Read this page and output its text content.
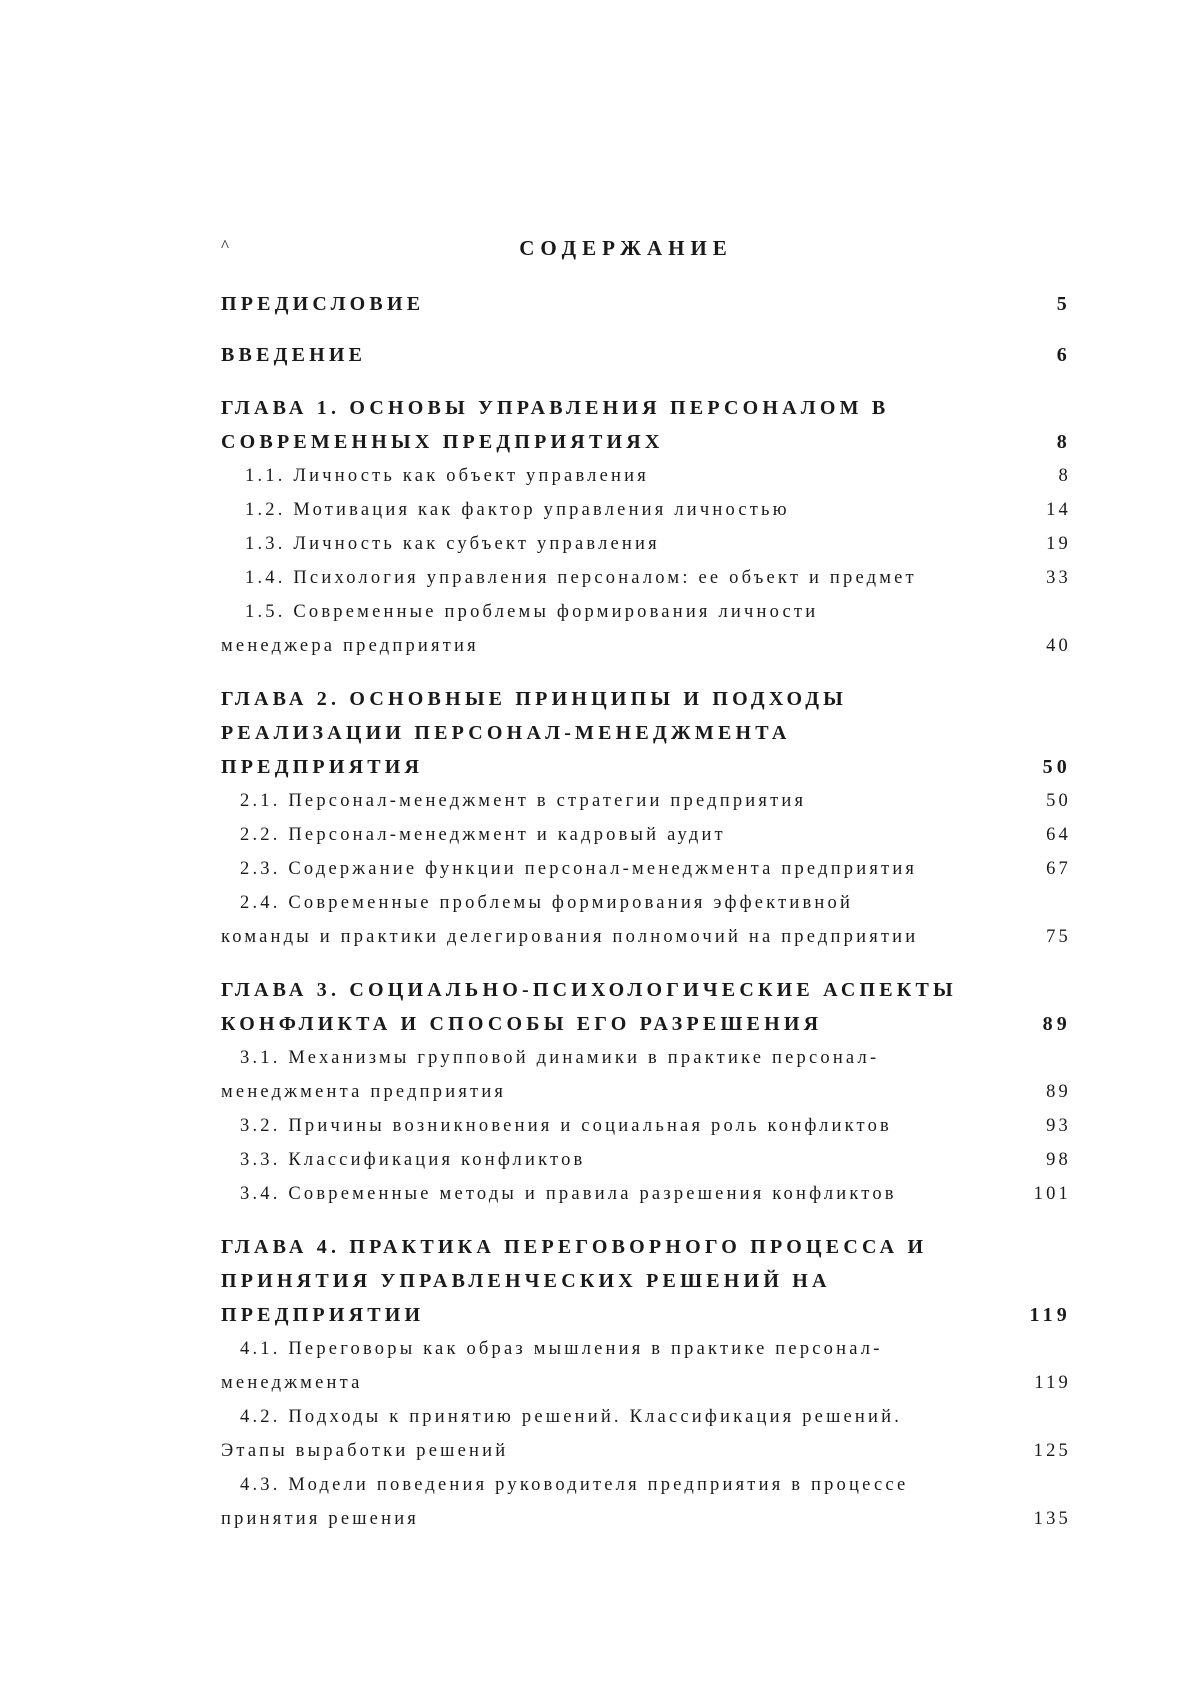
^	СОДЕРЖАНИЕ
ПРЕДИСЛОВИЕ	5
ВВЕДЕНИЕ	6
ГЛАВА 1. ОСНОВЫ УПРАВЛЕНИЯ ПЕРСОНАЛОМ В
СОВРЕМЕННЫХ ПРЕДПРИЯТИЯХ	8
1.1. Личность как объект управления	8
1.2. Мотивация как фактор управления личностью	14
1.3. Личность как субъект управления	19
1.4. Психология управления персоналом: ее объект и предмет	33
1.5. Современные проблемы формирования личности
менеджера предприятия	40
ГЛАВА 2. ОСНОВНЫЕ ПРИНЦИПЫ И ПОДХОДЫ
РЕАЛИЗАЦИИ ПЕРСОНАЛ-МЕНЕДЖМЕНТА
ПРЕДПРИЯТИЯ	50
2.1. Персонал-менеджмент в стратегии предприятия	50
2.2. Персонал-менеджмент и кадровый аудит	64
2.3. Содержание функции персонал-менеджмента предприятия	67
2.4. Современные проблемы формирования эффективной
команды и практики делегирования полномочий на предприятии	75
ГЛАВА 3. СОЦИАЛЬНО-ПСИХОЛОГИЧЕСКИЕ АСПЕКТЫ
КОНФЛИКТА И СПОСОБЫ ЕГО РАЗРЕШЕНИЯ	89
3.1. Механизмы групповой динамики в практике персонал-
менеджмента предприятия	89
3.2. Причины возникновения и социальная роль конфликтов	93
3.3. Классификация конфликтов	98
3.4. Современные методы и правила разрешения конфликтов	101
ГЛАВА 4. ПРАКТИКА ПЕРЕГОВОРНОГО ПРОЦЕССА И
ПРИНЯТИЯ УПРАВЛЕНЧЕСКИХ РЕШЕНИЙ НА
ПРЕДПРИЯТИИ	119
4.1. Переговоры как образ мышления в практике персонал-
менеджмента	119
4.2. Подходы к принятию решений. Классификация решений.
Этапы выработки решений	125
4.3. Модели поведения руководителя предприятия в процессе
принятия решения	135
